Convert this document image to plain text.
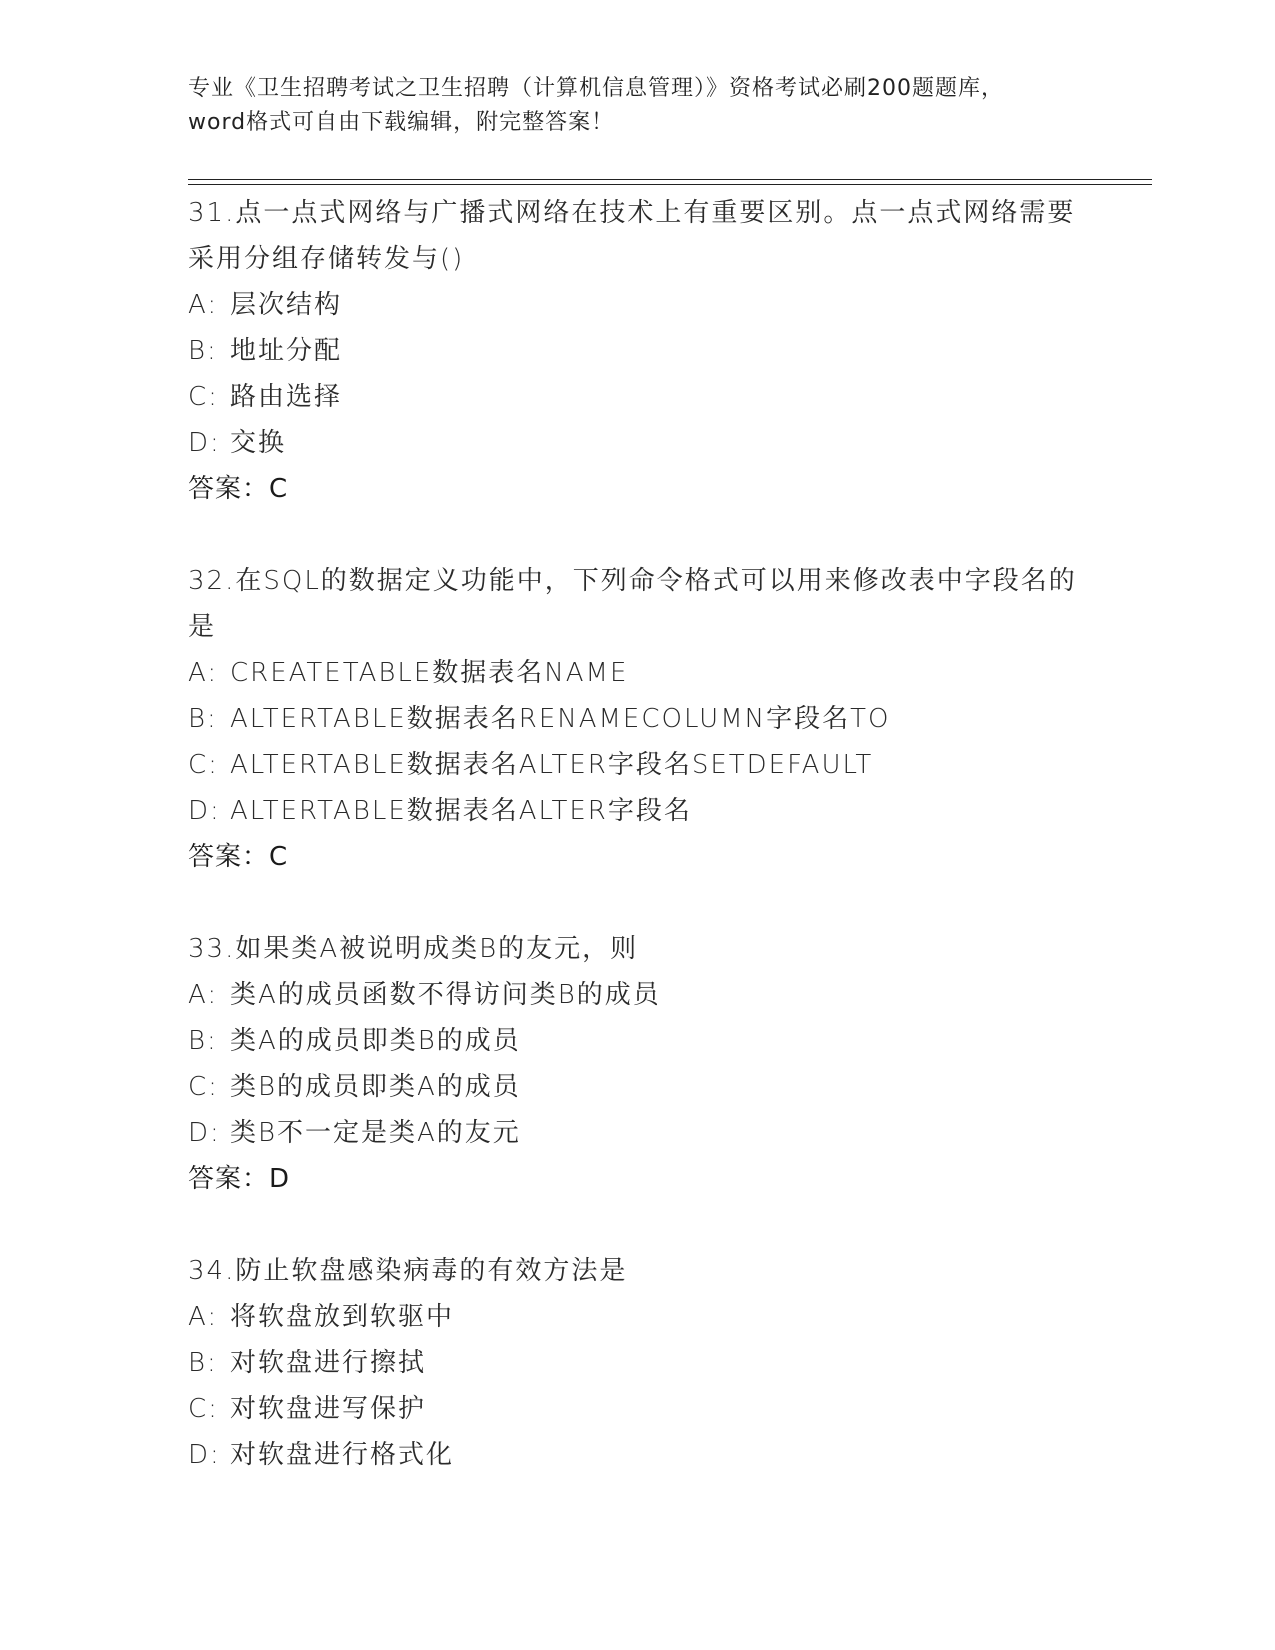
专业《卫生招聘考试之卫生招聘（计算机信息管理）》资格考试必刷200题题库，
word格式可自由下载编辑，附完整答案！
31.点一点式网络与广播式网络在技术上有重要区别。点一点式网络需要采用分组存储转发与()
A: 层次结构
B: 地址分配
C: 路由选择
D: 交换
答案：C
32.在SQL的数据定义功能中，下列命令格式可以用来修改表中字段名的是
A: CREATETABLE数据表名NAME
B: ALTERTABLE数据表名RENAMECOLUMN字段名TO
C: ALTERTABLE数据表名ALTER字段名SETDEFAULT
D: ALTERTABLE数据表名ALTER字段名
答案：C
33.如果类A被说明成类B的友元，则
A: 类A的成员函数不得访问类B的成员
B: 类A的成员即类B的成员
C: 类B的成员即类A的成员
D: 类B不一定是类A的友元
答案：D
34.防止软盘感染病毒的有效方法是
A: 将软盘放到软驱中
B: 对软盘进行擦拭
C: 对软盘进写保护
D: 对软盘进行格式化
